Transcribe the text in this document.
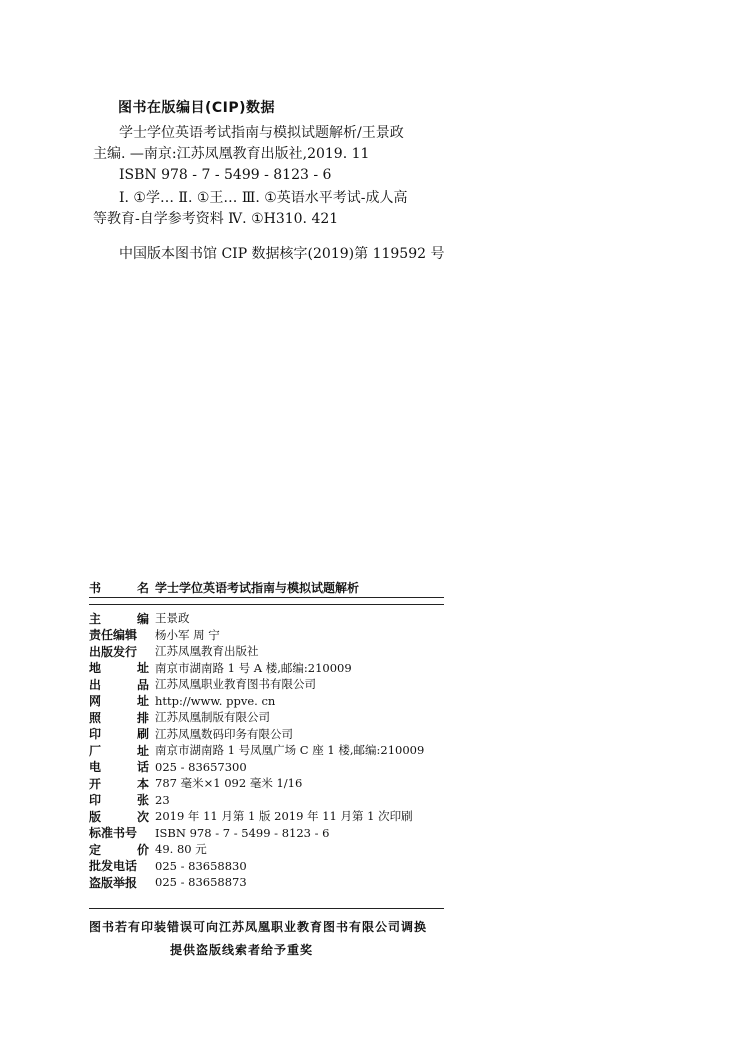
图书在版编目(CIP)数据

学士学位英语考试指南与模拟试题解析/王景政

主编. —南京:江苏凤凰教育出版社,2019. 11

ISBN 978 - 7 - 5499 - 8123 - 6

Ⅰ. ①学… Ⅱ. ①王… Ⅲ. ①英语水平考试-成人高

等教育-自学参考资料 Ⅳ. ①H310. 421

中国版本图书馆 CIP 数据核字(2019)第 119592 号

书	名 学士学位英语考试指南与模拟试题解析
主	编 王景政
责任编辑 杨小军 周 宁
出版发行 江苏凤凰教育出版社
地	址 南京市湖南路 1 号 A 楼,邮编:210009
出	品 江苏凤凰职业教育图书有限公司
网	址 http://www. ppve. cn
照	排 江苏凤凰制版有限公司
印	刷 江苏凤凰数码印务有限公司
厂	址 南京市湖南路 1 号凤凰广场 C 座 1 楼,邮编:210009
电	话 025 - 83657300
开	本 787 毫米×1 092 毫米 1/16
印	张 23
版	次 2019 年 11 月第 1 版 2019 年 11 月第 1 次印刷
标准书号 ISBN 978 - 7 - 5499 - 8123 - 6
定	价 49. 80 元
批发电话 025 - 83658830
盗版举报 025 - 83658873
图书若有印装错误可向江苏凤凰职业教育图书有限公司调换
提供盗版线索者给予重奖
